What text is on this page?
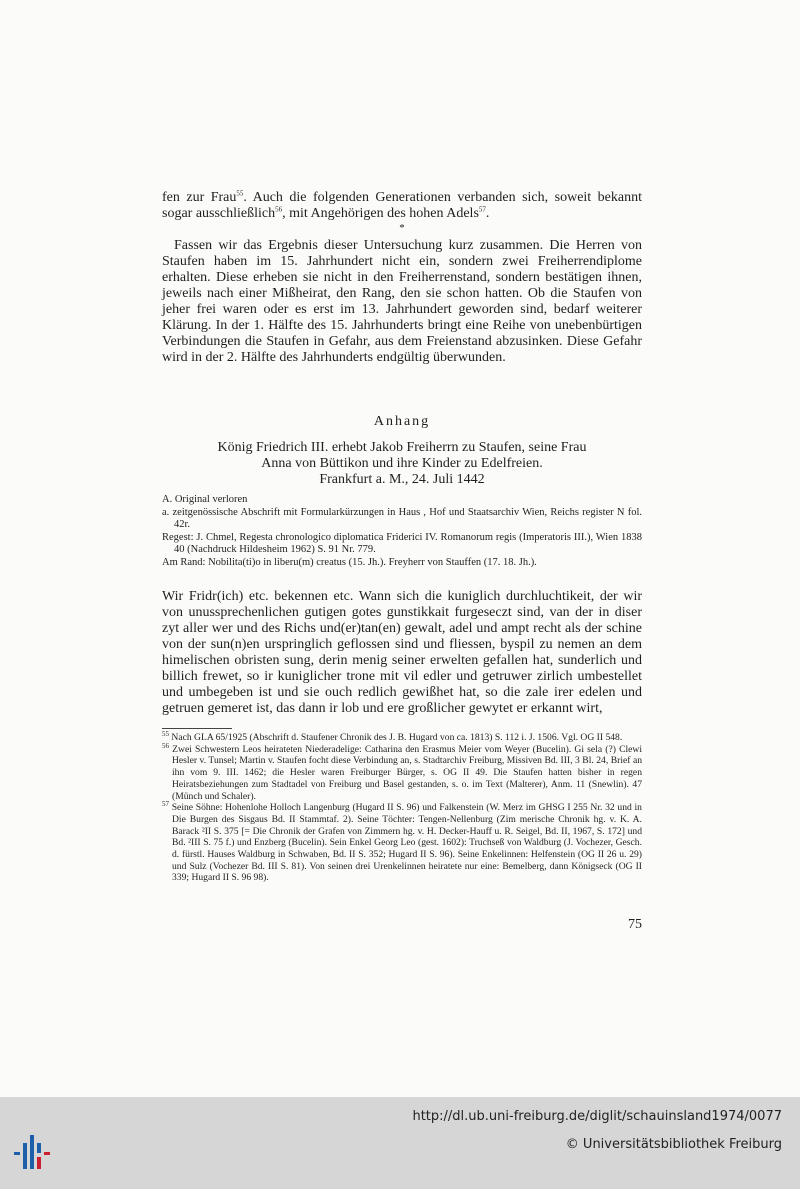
fen zur Frau$^{55}$. Auch die folgenden Generationen verbanden sich, soweit bekannt sogar ausschließlich$^{56}$, mit Angehörigen des hohen Adels$^{57}$.

*

Fassen wir das Ergebnis dieser Untersuchung kurz zusammen. Die Herren von Staufen haben im 15. Jahrhundert nicht ein, sondern zwei Freiherrendiplome erhalten. Diese erheben sie nicht in den Freiherrenstand, sondern bestätigen ihnen, jeweils nach einer Mißheirat, den Rang, den sie schon hatten. Ob die Staufen von jeher frei waren oder es erst im 13. Jahrhundert geworden sind, bedarf weiterer Klärung. In der 1. Hälfte des 15. Jahrhunderts bringt eine Reihe von unebenbürtigen Verbindungen die Staufen in Gefahr, aus dem Freienstand abzusinken. Diese Gefahr wird in der 2. Hälfte des Jahrhunderts endgültig überwunden.

Anhang
König Friedrich III. erhebt Jakob Freiherrn zu Staufen, seine Frau
Anna von Büttikon und ihre Kinder zu Edelfreien.
Frankfurt a. M., 24. Juli 1442

A. Original verloren

a. zeitgenössische Abschrift mit Formularkürzungen in Haus , Hof und Staatsarchiv Wien, Reichs register N fol. 42r.

Regest: J. Chmel, Regesta chronologico diplomatica Friderici IV. Romanorum regis (Imperatoris III.), Wien 1838 40 (Nachdruck Hildesheim 1962) S. 91 Nr. 779.

Am Rand: Nobilita(ti)o in liberu(m) creatus (15. Jh.). Freyherr von Stauffen (17. 18. Jh.).

Wir Fridr(ich) etc. bekennen etc. Wann sich die kuniglich durchluchtikeit, der wir von unussprechenlichen gutigen gotes gunstikkait furgeseczt sind, van der in diser zyt aller wer und des Richs und(er)tan(en) gewalt, adel und ampt recht als der schine von der sun(n)en urspringlich geflossen sind und fliessen, byspil zu nemen an dem himelischen obristen sung, derin menig seiner erwelten gefallen hat, sunderlich und billich frewet, so ir kuniglicher trone mit vil edler und getruwer zirlich umbestellet und umbegeben ist und sie ouch redlich gewißhet hat, so die zale irer edelen und getruen gemeret ist, das dann ir lob und ere großlicher gewytet er erkannt wirt,

$^{55}$ Nach GLA 65/1925 (Abschrift d. Staufener Chronik des J. B. Hugard von ca. 1813) S. 112 i. J. 1506. Vgl. OG II 548.

$^{56}$ Zwei Schwestern Leos heirateten Niederadelige: Catharina den Erasmus Meier vom Weyer (Bucelin). Gi sela (?) Clewi Hesler v. Tunsel; Martin v. Staufen focht diese Verbindung an, s. Stadtarchiv Freiburg, Missiven Bd. III, 3 Bl. 24, Brief an ihn vom 9. III. 1462; die Hesler waren Freiburger Bürger, s. OG II 49. Die Staufen hatten bisher in regen Heiratsbeziehungen zum Stadtadel von Freiburg und Basel gestanden, s. o. im Text (Malterer), Anm. 11 (Snewlin). 47 (Münch und Schaler).

$^{57}$ Seine Söhne: Hohenlohe Holloch Langenburg (Hugard II S. 96) und Falkenstein (W. Merz im GHSG I 255 Nr. 32 und in Die Burgen des Sisgaus Bd. II Stammtaf. 2). Seine Töchter: Tengen-Nellenburg (Zim merische Chronik hg. v. K. A. Barack ²II S. 375 [= Die Chronik der Grafen von Zimmern hg. v. H. Decker-Hauff u. R. Seigel, Bd. II, 1967, S. 172] und Bd. ²III S. 75 f.) und Enzberg (Bucelin). Sein Enkel Georg Leo (gest. 1602): Truchseß von Waldburg (J. Vochezer, Gesch. d. fürstl. Hauses Waldburg in Schwaben, Bd. II S. 352; Hugard II S. 96). Seine Enkelinnen: Helfenstein (OG II 26 u. 29) und Sulz (Vochezer Bd. III S. 81). Von seinen drei Urenkelinnen heiratete nur eine: Bemelberg, dann Königseck (OG II 339; Hugard II S. 96 98).

75
http://dl.ub.uni-freiburg.de/diglit/schauinsland1974/0077
© Universitätsbibliothek Freiburg
